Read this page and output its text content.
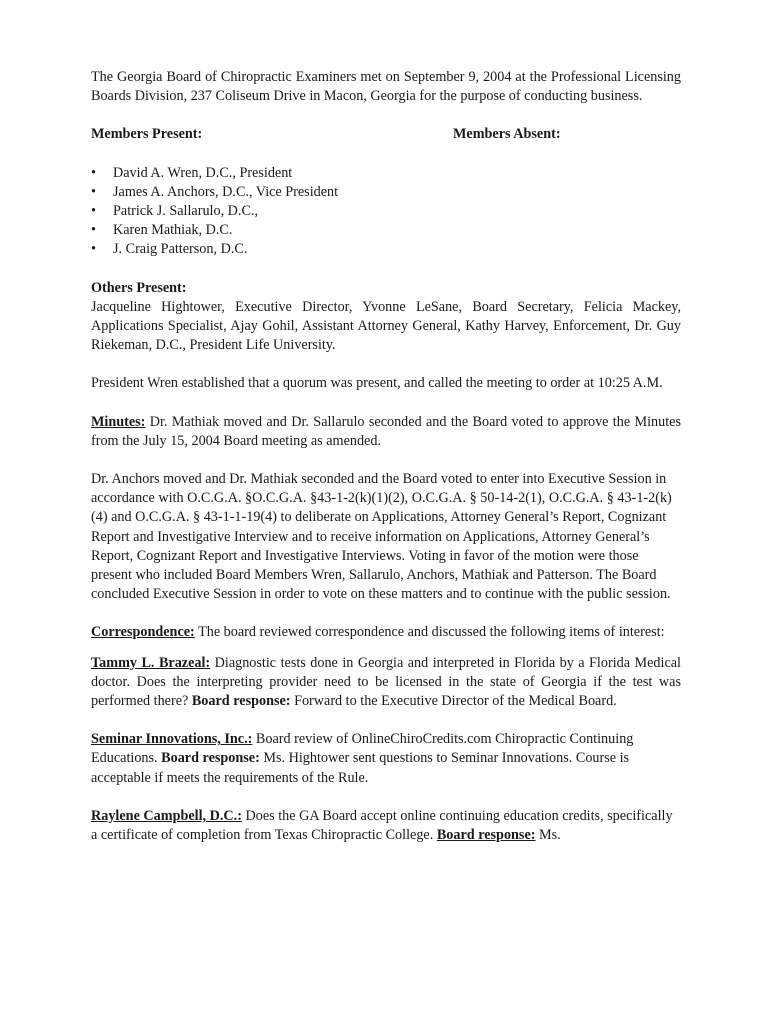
The Georgia Board of Chiropractic Examiners met on September 9, 2004 at the Professional Licensing Boards Division, 237 Coliseum Drive in Macon, Georgia for the purpose of conducting business.

Members Present:	Members Absent:
• David A. Wren, D.C., President
• James A. Anchors, D.C., Vice President
• Patrick J. Sallarulo, D.C.,
• Karen Mathiak, D.C.
• J. Craig Patterson, D.C.

Others Present:

Jacqueline Hightower, Executive Director, Yvonne LeSane, Board Secretary, Felicia Mackey, Applications Specialist, Ajay Gohil, Assistant Attorney General, Kathy Harvey, Enforcement, Dr. Guy Riekeman, D.C., President Life University.

President Wren established that a quorum was present, and called the meeting to order at 10:25 A.M.

Minutes: Dr. Mathiak moved and Dr. Sallarulo seconded and the Board voted to approve the Minutes from the July 15, 2004 Board meeting as amended.

Dr. Anchors moved and Dr. Mathiak seconded and the Board voted to enter into Executive Session in accordance with O.C.G.A. §O.C.G.A. §43-1-2(k)(1)(2), O.C.G.A. § 50-14-2(1), O.C.G.A. § 43-1-2(k)(4) and O.C.G.A. § 43-1-1-19(4) to deliberate on Applications, Attorney General’s Report, Cognizant Report and Investigative Interview and to receive information on Applications, Attorney General’s Report, Cognizant Report and Investigative Interviews. Voting in favor of the motion were those present who included Board Members Wren, Sallarulo, Anchors, Mathiak and Patterson. The Board concluded Executive Session in order to vote on these matters and to continue with the public session.

Correspondence: The board reviewed correspondence and discussed the following items of interest:

Tammy L. Brazeal: Diagnostic tests done in Georgia and interpreted in Florida by a Florida Medical doctor. Does the interpreting provider need to be licensed in the state of Georgia if the test was performed there? Board response: Forward to the Executive Director of the Medical Board.

Seminar Innovations, Inc.: Board review of OnlineChiroCredits.com Chiropractic Continuing Educations. Board response: Ms. Hightower sent questions to Seminar Innovations. Course is acceptable if meets the requirements of the Rule.

Raylene Campbell, D.C.: Does the GA Board accept online continuing education credits, specifically a certificate of completion from Texas Chiropractic College. Board response: Ms.
